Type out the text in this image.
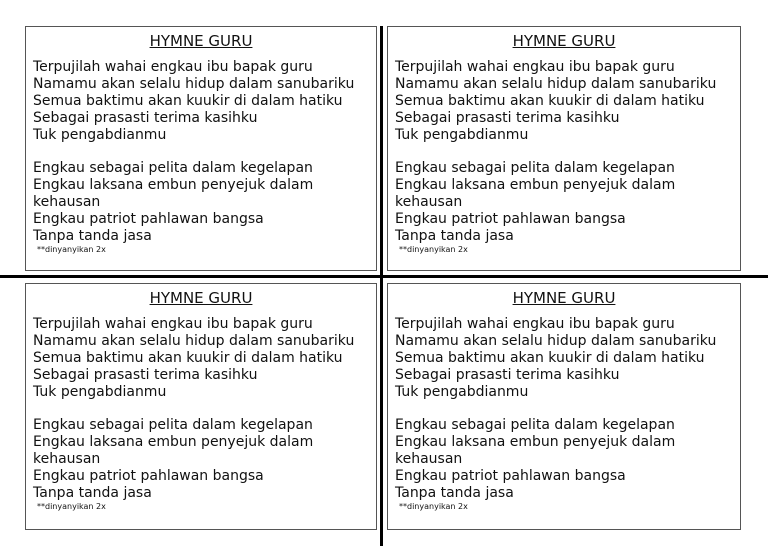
HYMNE GURU
Terpujilah wahai engkau ibu bapak guru
Namamu akan selalu hidup dalam sanubariku
Semua baktimu akan kuukir di dalam hatiku
Sebagai prasasti terima kasihku
Tuk pengabdianmu
Engkau sebagai pelita dalam kegelapan
Engkau laksana embun penyejuk dalam
kehausan
Engkau patriot pahlawan bangsa
Tanpa tanda jasa
**dinyanyikan 2x
HYMNE GURU
Terpujilah wahai engkau ibu bapak guru
Namamu akan selalu hidup dalam sanubariku
Semua baktimu akan kuukir di dalam hatiku
Sebagai prasasti terima kasihku
Tuk pengabdianmu
Engkau sebagai pelita dalam kegelapan
Engkau laksana embun penyejuk dalam
kehausan
Engkau patriot pahlawan bangsa
Tanpa tanda jasa
**dinyanyikan 2x
HYMNE GURU
Terpujilah wahai engkau ibu bapak guru
Namamu akan selalu hidup dalam sanubariku
Semua baktimu akan kuukir di dalam hatiku
Sebagai prasasti terima kasihku
Tuk pengabdianmu
Engkau sebagai pelita dalam kegelapan
Engkau laksana embun penyejuk dalam
kehausan
Engkau patriot pahlawan bangsa
Tanpa tanda jasa
**dinyanyikan 2x
HYMNE GURU
Terpujilah wahai engkau ibu bapak guru
Namamu akan selalu hidup dalam sanubariku
Semua baktimu akan kuukir di dalam hatiku
Sebagai prasasti terima kasihku
Tuk pengabdianmu
Engkau sebagai pelita dalam kegelapan
Engkau laksana embun penyejuk dalam
kehausan
Engkau patriot pahlawan bangsa
Tanpa tanda jasa
**dinyanyikan 2x
